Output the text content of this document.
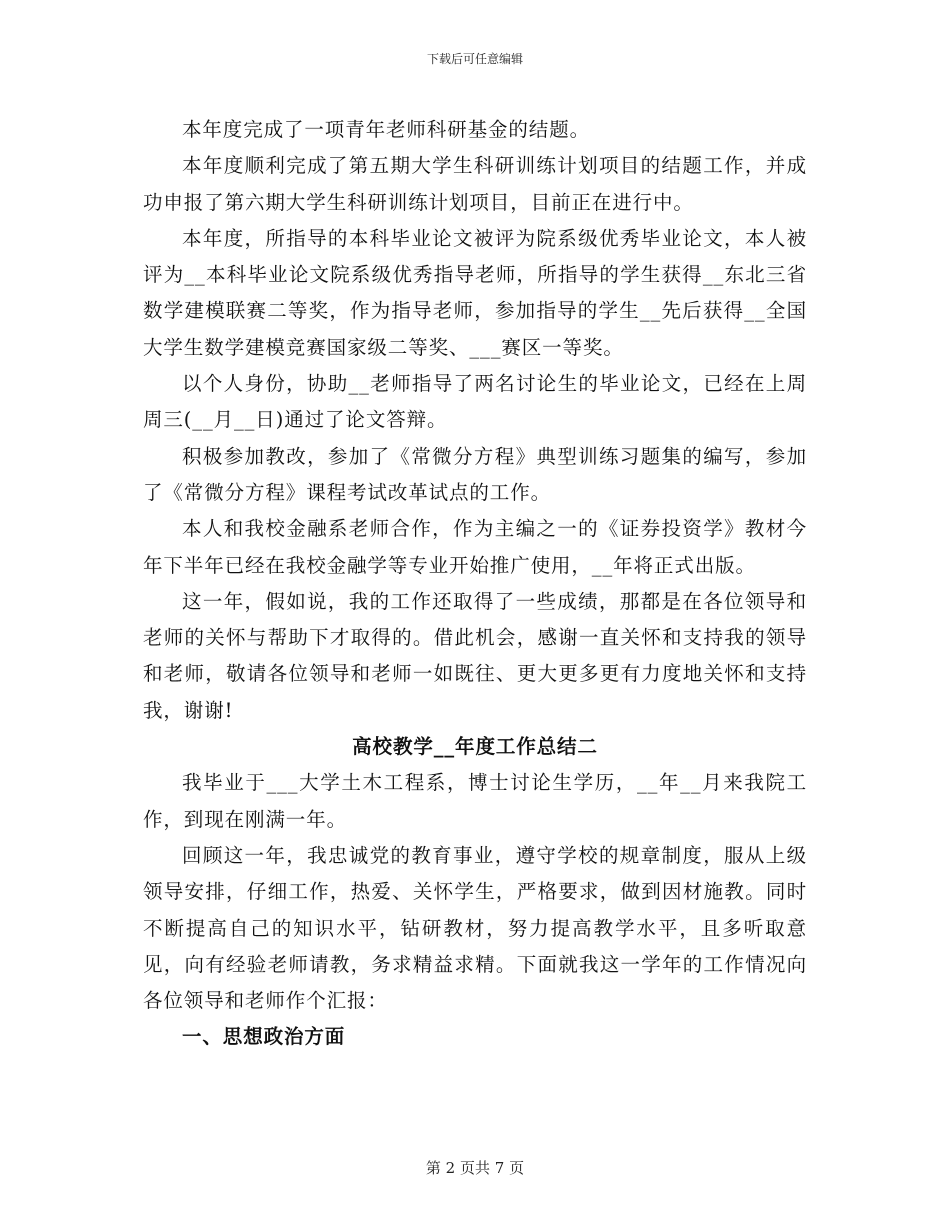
下载后可任意编辑

本年度完成了一项青年老师科研基金的结题。

本年度顺利完成了第五期大学生科研训练计划项目的结题工作，并成功申报了第六期大学生科研训练计划项目，目前正在进行中。

本年度，所指导的本科毕业论文被评为院系级优秀毕业论文，本人被评为__本科毕业论文院系级优秀指导老师，所指导的学生获得__东北三省数学建模联赛二等奖，作为指导老师，参加指导的学生__先后获得__全国大学生数学建模竞赛国家级二等奖、___赛区一等奖。

以个人身份，协助__老师指导了两名讨论生的毕业论文，已经在上周周三(__月__日)通过了论文答辩。

积极参加教改，参加了《常微分方程》典型训练习题集的编写，参加了《常微分方程》课程考试改革试点的工作。

本人和我校金融系老师合作，作为主编之一的《证券投资学》教材今年下半年已经在我校金融学等专业开始推广使用，__年将正式出版。

这一年，假如说，我的工作还取得了一些成绩，那都是在各位领导和老师的关怀与帮助下才取得的。借此机会，感谢一直关怀和支持我的领导和老师，敬请各位领导和老师一如既往、更大更多更有力度地关怀和支持我，谢谢!

高校教学__年度工作总结二

我毕业于___大学土木工程系，博士讨论生学历，__年__月来我院工作，到现在刚满一年。

回顾这一年，我忠诚党的教育事业，遵守学校的规章制度，服从上级领导安排，仔细工作，热爱、关怀学生，严格要求，做到因材施教。同时不断提高自己的知识水平，钻研教材，努力提高教学水平，且多听取意见，向有经验老师请教，务求精益求精。下面就我这一学年的工作情况向各位领导和老师作个汇报：

一、思想政治方面
第 2 页共 7 页
